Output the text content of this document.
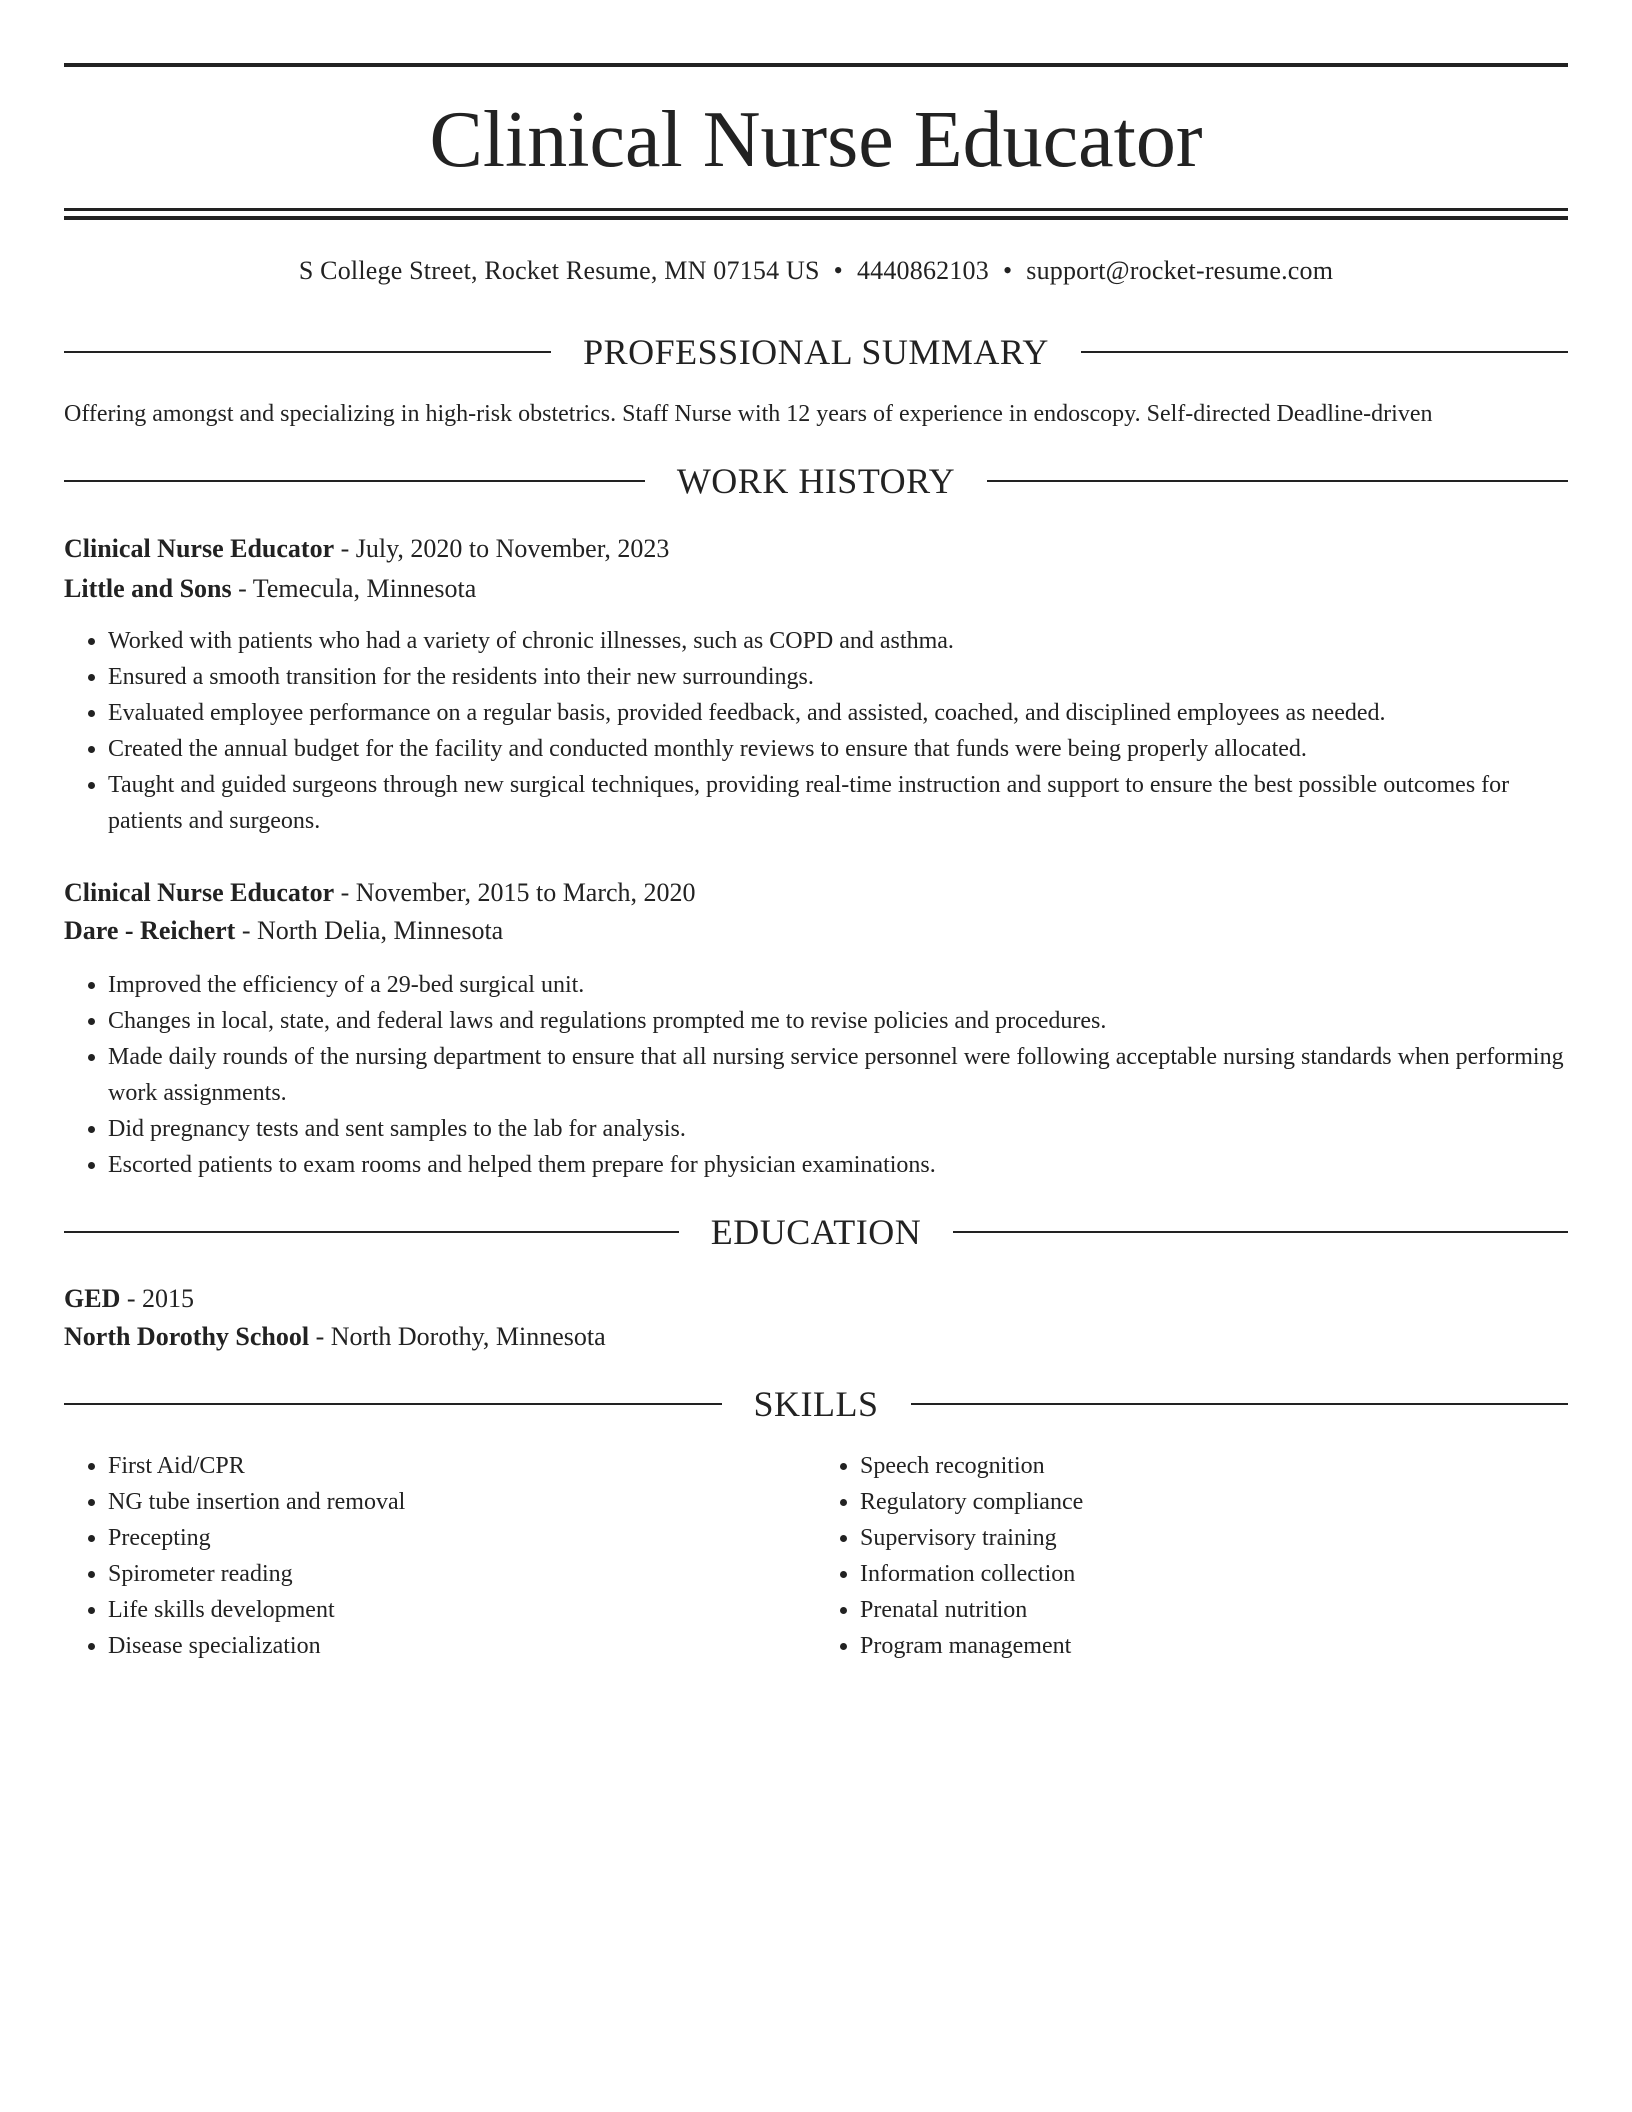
Clinical Nurse Educator
S College Street, Rocket Resume, MN 07154 US • 4440862103 • support@rocket-resume.com
PROFESSIONAL SUMMARY
Offering amongst and specializing in high-risk obstetrics. Staff Nurse with 12 years of experience in endoscopy. Self-directed Deadline-driven
WORK HISTORY
Clinical Nurse Educator - July, 2020 to November, 2023
Little and Sons - Temecula, Minnesota
• Worked with patients who had a variety of chronic illnesses, such as COPD and asthma.
• Ensured a smooth transition for the residents into their new surroundings.
• Evaluated employee performance on a regular basis, provided feedback, and assisted, coached, and disciplined employees as needed.
• Created the annual budget for the facility and conducted monthly reviews to ensure that funds were being properly allocated.
• Taught and guided surgeons through new surgical techniques, providing real-time instruction and support to ensure the best possible outcomes for patients and surgeons.
Clinical Nurse Educator - November, 2015 to March, 2020
Dare - Reichert - North Delia, Minnesota
• Improved the efficiency of a 29-bed surgical unit.
• Changes in local, state, and federal laws and regulations prompted me to revise policies and procedures.
• Made daily rounds of the nursing department to ensure that all nursing service personnel were following acceptable nursing standards when performing work assignments.
• Did pregnancy tests and sent samples to the lab for analysis.
• Escorted patients to exam rooms and helped them prepare for physician examinations.
EDUCATION
GED - 2015
North Dorothy School - North Dorothy, Minnesota
SKILLS
• First Aid/CPR
• NG tube insertion and removal
• Precepting
• Spirometer reading
• Life skills development
• Disease specialization
• Speech recognition
• Regulatory compliance
• Supervisory training
• Information collection
• Prenatal nutrition
• Program management
